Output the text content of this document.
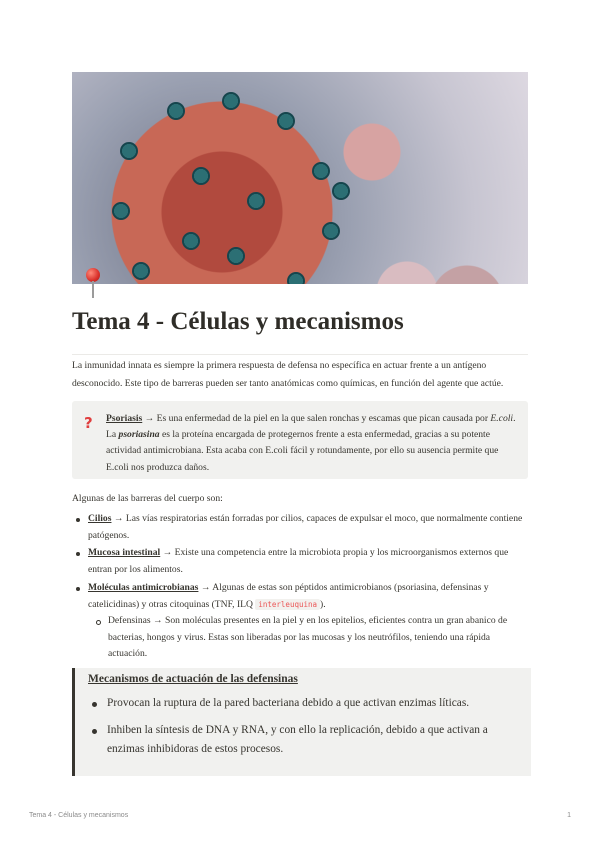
Tema 4 - Células y mecanismos

La inmunidad innata es siempre la primera respuesta de defensa no específica en actuar frente a un antígeno desconocido. Este tipo de barreras pueden ser tanto anatómicas como químicas, en función del agente que actúe.

? Psoriasis → Es una enfermedad de la piel en la que salen ronchas y escamas que pican causada por E.coli. La psoriasina es la proteína encargada de protegernos frente a esta enfermedad, gracias a su potente actividad antimicrobiana. Esta acaba con E.coli fácil y rotundamente, por ello su ausencia permite que E.coli nos produzca daños.

Algunas de las barreras del cuerpo son:

Cilios → Las vías respiratorias están forradas por cilios, capaces de expulsar el moco, que normalmente contiene patógenos.
Mucosa intestinal → Existe una competencia entre la microbiota propia y los microorganismos externos que entran por los alimentos.
Moléculas antimicrobianas → Algunas de estas son péptidos antimicrobianos (psoriasina, defensinas y catelicidinas) y otras citoquinas (TNF, ILQ interleuquina ).
Defensinas → Son moléculas presentes en la piel y en los epitelios, eficientes contra un gran abanico de bacterias, hongos y virus. Estas son liberadas por las mucosas y los neutrófilos, teniendo una rápida actuación.
Mecanismos de actuación de las defensinas
Provocan la ruptura de la pared bacteriana debido a que activan enzimas líticas.
Inhiben la síntesis de DNA y RNA, y con ello la replicación, debido a que activan a enzimas inhibidoras de estos procesos.
Tema 4 - Células y mecanismos	1
